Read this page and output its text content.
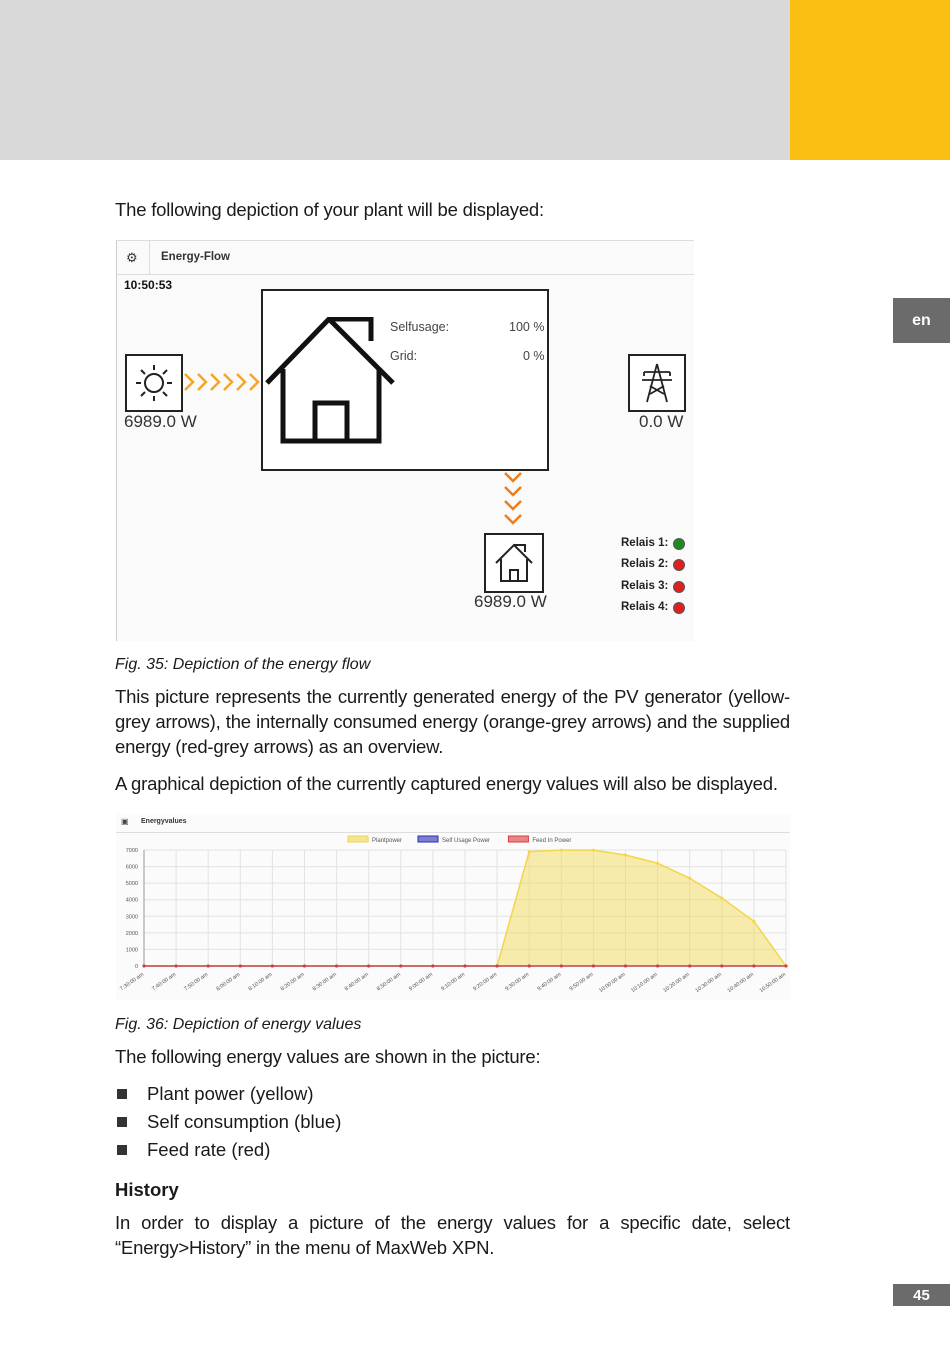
en
The following depiction of your plant will be displayed:
⚙ Energy-Flow
10:50:53
6989.0 W
Selfusage:	100 %
Grid:	0 %
0.0 W
6989.0 W
Relais 1:
Relais 2:
Relais 3:
Relais 4:
Fig. 35: Depiction of the energy flow
This picture represents the currently generated energy of the PV generator (yellow-grey arrows), the internally consumed energy (orange-grey arrows) and the supplied energy (red-grey arrows) as an overview.
A graphical depiction of the currently captured energy values will also be displayed.
▣ Energyvalues
0
1000
2000
3000
4000
5000
6000
7000
7:30:00 am 7:40:00 am 7:50:00 am 8:00:00 am 8:10:00 am 8:20:00 am 8:30:00 am 8:40:00 am 8:50:00 am 9:00:00 am 9:10:00 am 9:20:00 am 9:30:00 am 9:40:00 am 9:50:00 am 10:00:00 am 10:10:00 am 10:20:00 am 10:30:00 am 10:40:00 am 10:50:00 am
Plantpower	Self Usage Power	Feed In Power
Fig. 36: Depiction of energy values
The following energy values are shown in the picture:
Plant power (yellow)
Self consumption (blue)
Feed rate (red)
History
In order to display a picture of the energy values for a specific date, select “Energy>History” in the menu of MaxWeb XPN.
45
